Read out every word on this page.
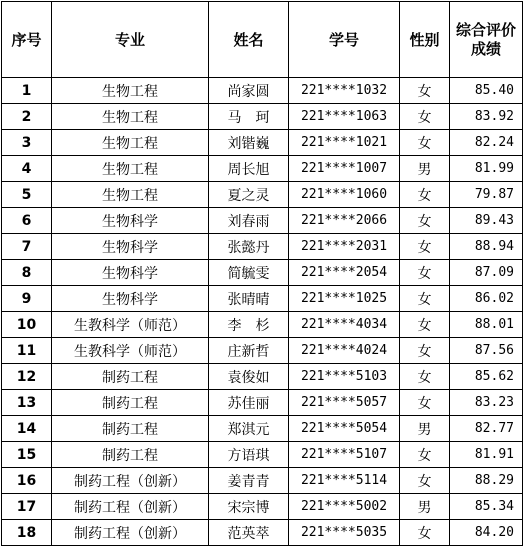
序号	专业	姓名	学号	性别	综合评价成绩
1	生物工程	尚家圆	221****1032	女	85.40
2	生物工程	马　珂	221****1063	女	83.92
3	生物工程	刘锴巍	221****1021	女	82.24
4	生物工程	周长旭	221****1007	男	81.99
5	生物工程	夏之灵	221****1060	女	79.87
6	生物科学	刘春雨	221****2066	女	89.43
7	生物科学	张懿丹	221****2031	女	88.94
8	生物科学	简毓雯	221****2054	女	87.09
9	生物科学	张晴晴	221****1025	女	86.02
10	生教科学（师范）	李　杉	221****4034	女	88.01
11	生教科学（师范）	庄新哲	221****4024	女	87.56
12	制药工程	袁俊如	221****5103	女	85.62
13	制药工程	苏佳丽	221****5057	女	83.23
14	制药工程	郑淇元	221****5054	男	82.77
15	制药工程	方语琪	221****5107	女	81.91
16	制药工程（创新）	姜青青	221****5114	女	88.29
17	制药工程（创新）	宋宗博	221****5002	男	85.34
18	制药工程（创新）	范英萃	221****5035	女	84.20
